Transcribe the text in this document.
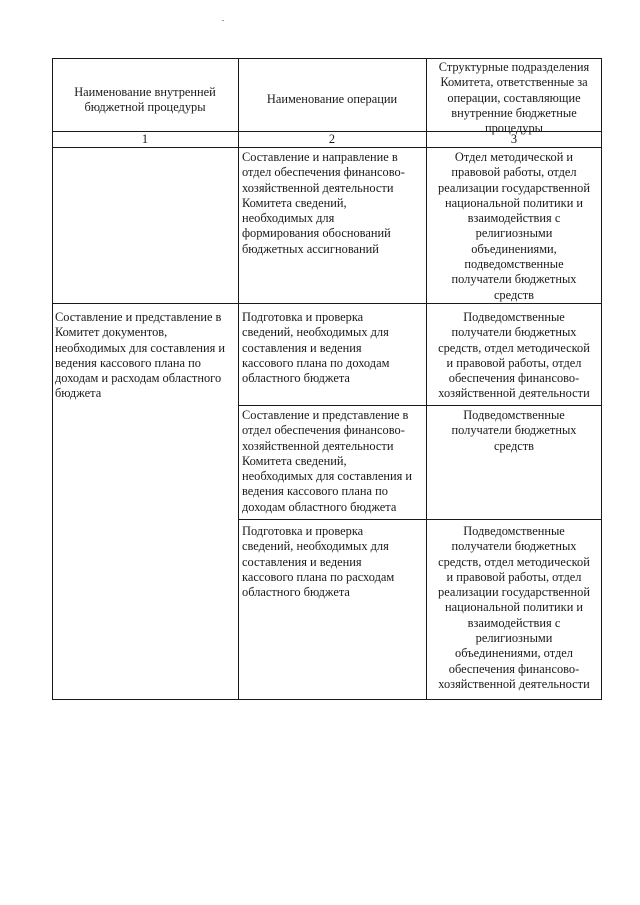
Наименование внутренней
бюджетной процедуры
Наименование операции
Структурные подразделения
Комитета, ответственные за
операции, составляющие
внутренние бюджетные
процедуры
1	2	3
Составление и направление в
отдел обеспечения финансово-
хозяйственной деятельности
Комитета сведений,
необходимых для
формирования обоснований
бюджетных ассигнований
Отдел методической и
правовой работы, отдел
реализации государственной
национальной политики и
взаимодействия с
религиозными
объединениями,
подведомственные
получатели бюджетных
средств
Составление и представление в
Комитет документов,
необходимых для составления и
ведения кассового плана по
доходам и расходам областного
бюджета
Подготовка и проверка
сведений, необходимых для
составления и ведения
кассового плана по доходам
областного бюджета
Подведомственные
получатели бюджетных
средств, отдел методической
и правовой работы, отдел
обеспечения финансово-
хозяйственной деятельности
Составление и представление в
отдел обеспечения финансово-
хозяйственной деятельности
Комитета сведений,
необходимых для составления и
ведения кассового плана по
доходам областного бюджета
Подведомственные
получатели бюджетных
средств
Подготовка и проверка
сведений, необходимых для
составления и ведения
кассового плана по расходам
областного бюджета
Подведомственные
получатели бюджетных
средств, отдел методической
и правовой работы, отдел
реализации государственной
национальной политики и
взаимодействия с
религиозными
объединениями, отдел
обеспечения финансово-
хозяйственной деятельности
